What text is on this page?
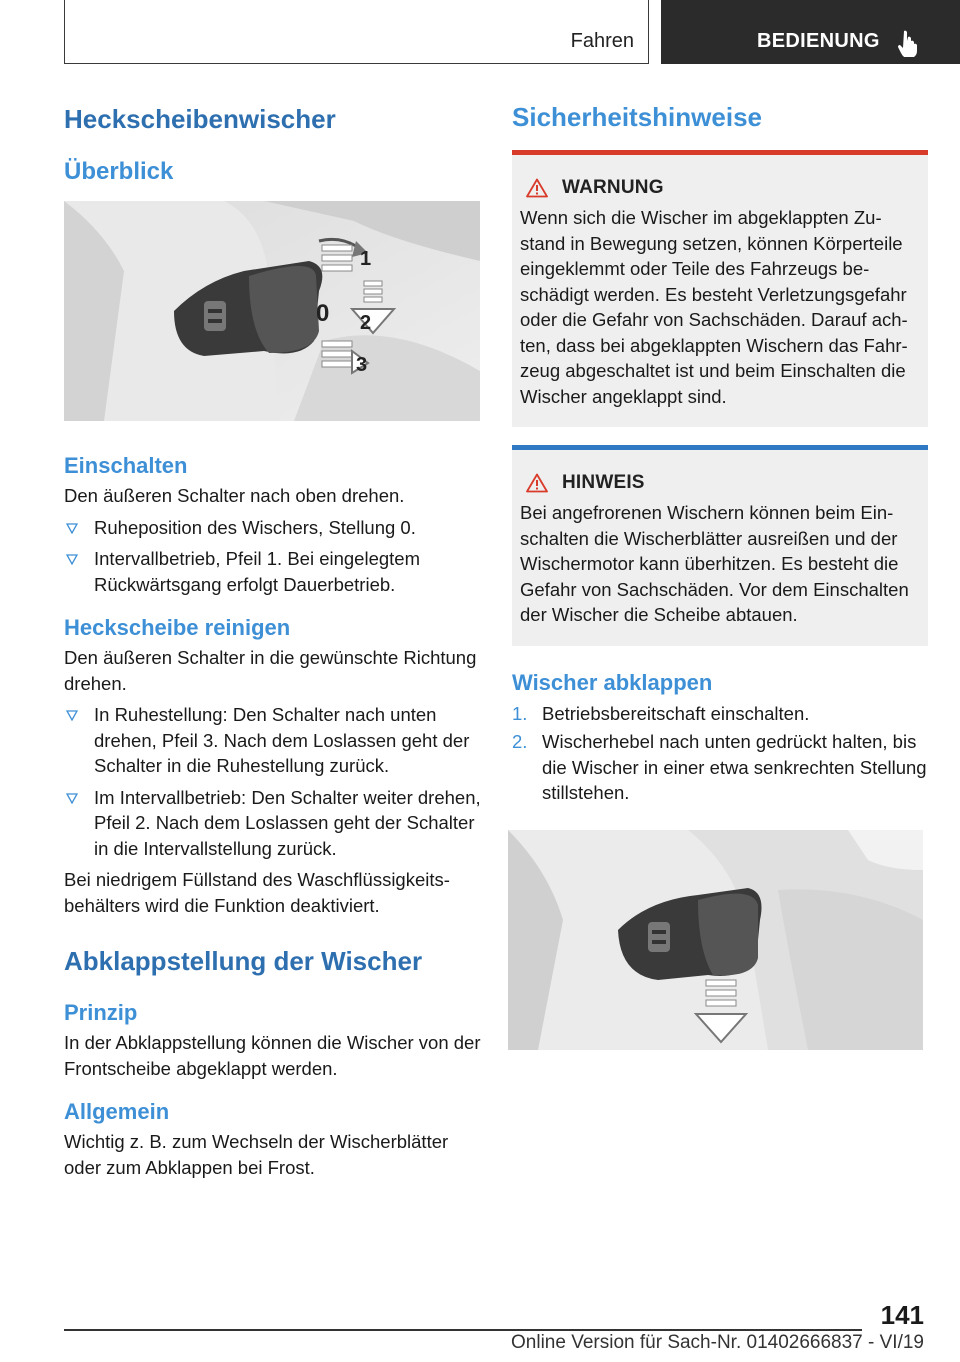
Fahren	BEDIENUNG
Heckscheibenwischer
Überblick
1
0 2
3
Einschalten

Den äußeren Schalter nach oben drehen.

Ruheposition des Wischers, Stellung 0.
Intervallbetrieb, Pfeil 1. Bei eingelegtem Rückwärtsgang erfolgt Dauerbetrieb.
Heckscheibe reinigen

Den äußeren Schalter in die gewünschte Richtung drehen.

In Ruhestellung: Den Schalter nach unten drehen, Pfeil 3. Nach dem Loslassen geht der Schalter in die Ruhestellung zurück.
Im Intervallbetrieb: Den Schalter weiter drehen, Pfeil 2. Nach dem Loslassen geht der Schalter in die Intervallstellung zurück.

Bei niedrigem Füllstand des Waschflüssigkeitsbehälters wird die Funktion deaktiviert.

Abklappstellung der Wischer
Prinzip

In der Abklappstellung können die Wischer von der Frontscheibe abgeklappt werden.

Allgemein

Wichtig z. B. zum Wechseln der Wischerblätter oder zum Abklappen bei Frost.

Sicherheitshinweise
WARNUNG

Wenn sich die Wischer im abgeklappten Zustand in Bewegung setzen, können Körperteile eingeklemmt oder Teile des Fahrzeugs beschädigt werden. Es besteht Verletzungsgefahr oder die Gefahr von Sachschäden. Darauf achten, dass bei abgeklappten Wischern das Fahrzeug abgeschaltet ist und beim Einschalten die Wischer angeklappt sind.

HINWEIS

Bei angefrorenen Wischern können beim Einschalten die Wischerblätter ausreißen und der Wischermotor kann überhitzen. Es besteht die Gefahr von Sachschäden. Vor dem Einschalten der Wischer die Scheibe abtauen.

Wischer abklappen
1. Betriebsbereitschaft einschalten.
2. Wischerhebel nach unten gedrückt halten, bis die Wischer in einer etwa senkrechten Stellung stillstehen.
141
Online Version für Sach-Nr. 01402666837 - VI/19
